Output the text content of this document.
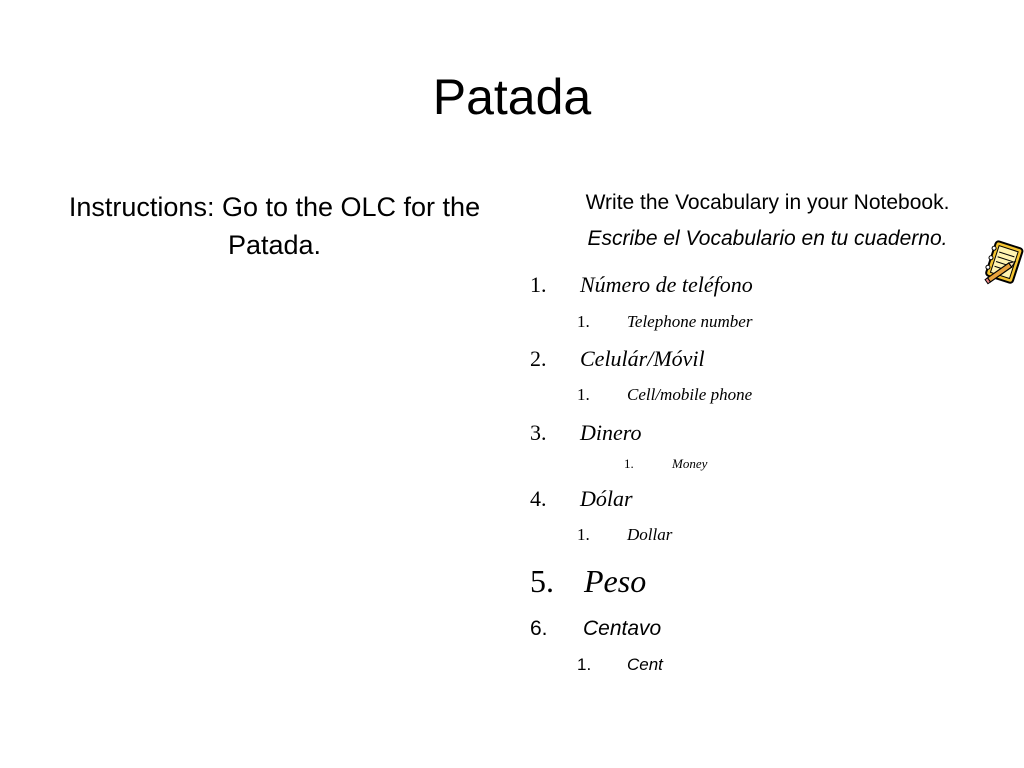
Patada
Instructions: Go to the OLC for the Patada.
Write the Vocabulary in your Notebook.
Escribe el Vocabulario en tu cuaderno.
1. Número de teléfono
1. Telephone number
2. Celulár/Móvil
1. Cell/mobile phone
3. Dinero
1.	Money
4. Dólar
1. Dollar
5. Peso
6. Centavo
1. Cent
